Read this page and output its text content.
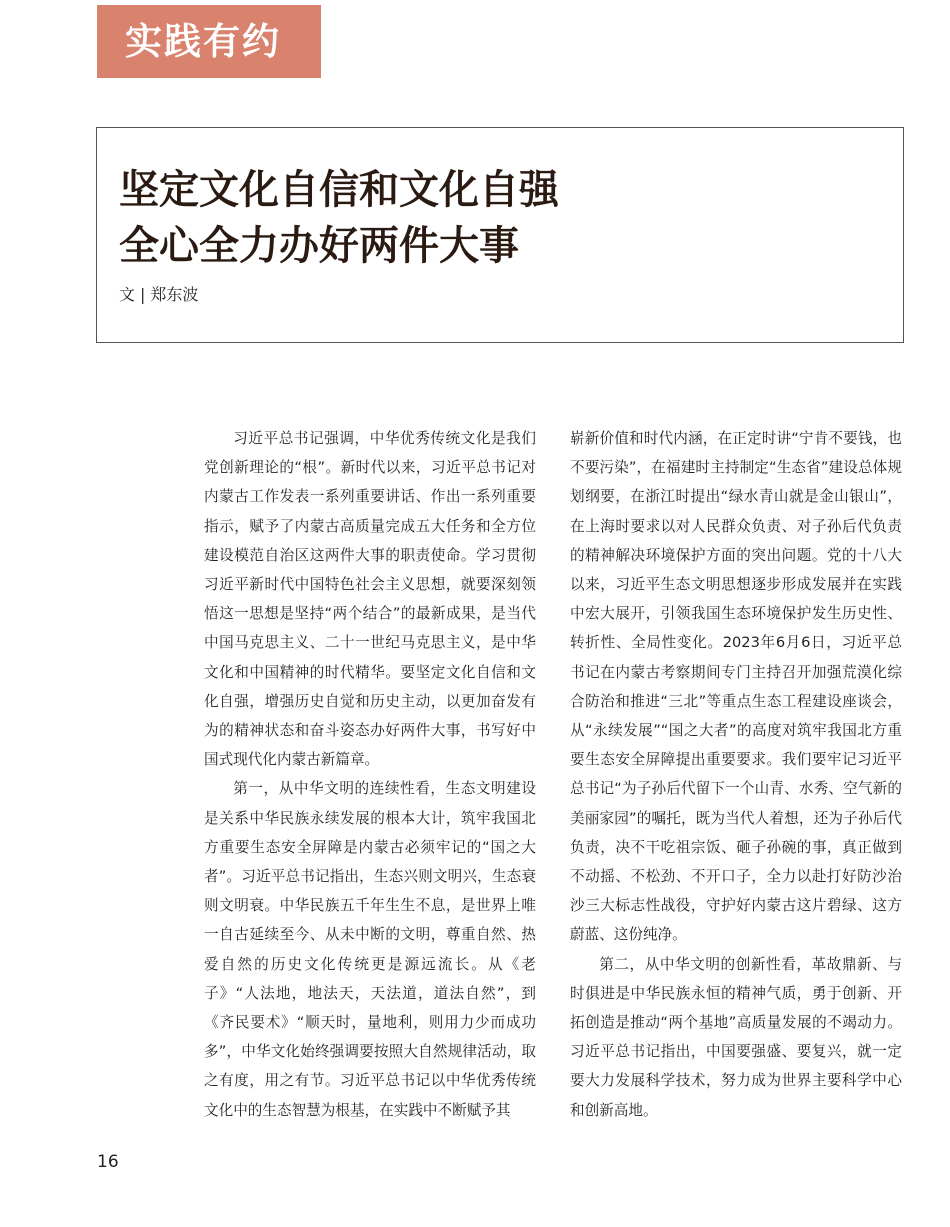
实践有约
坚定文化自信和文化自强
全心全力办好两件大事
文 | 郑东波

习近平总书记强调，中华优秀传统文化是我们党创新理论的“根”。新时代以来，习近平总书记对内蒙古工作发表一系列重要讲话、作出一系列重要指示，赋予了内蒙古高质量完成五大任务和全方位建设模范自治区这两件大事的职责使命。学习贯彻习近平新时代中国特色社会主义思想，就要深刻领悟这一思想是坚持“两个结合”的最新成果，是当代中国马克思主义、二十一世纪马克思主义，是中华文化和中国精神的时代精华。要坚定文化自信和文化自强，增强历史自觉和历史主动，以更加奋发有为的精神状态和奋斗姿态办好两件大事，书写好中国式现代化内蒙古新篇章。

第一，从中华文明的连续性看，生态文明建设是关系中华民族永续发展的根本大计，筑牢我国北方重要生态安全屏障是内蒙古必须牢记的“国之大者”。习近平总书记指出，生态兴则文明兴，生态衰则文明衰。中华民族五千年生生不息，是世界上唯一自古延续至今、从未中断的文明，尊重自然、热爱自然的历史文化传统更是源远流长。从《老子》“人法地，地法天，天法道，道法自然”，到《齐民要术》“顺天时，量地利，则用力少而成功多”，中华文化始终强调要按照大自然规律活动，取之有度，用之有节。习近平总书记以中华优秀传统文化中的生态智慧为根基，在实践中不断赋予其

崭新价值和时代内涵，在正定时讲“宁肯不要钱，也不要污染”，在福建时主持制定“生态省”建设总体规划纲要，在浙江时提出“绿水青山就是金山银山”，在上海时要求以对人民群众负责、对子孙后代负责的精神解决环境保护方面的突出问题。党的十八大以来，习近平生态文明思想逐步形成发展并在实践中宏大展开，引领我国生态环境保护发生历史性、转折性、全局性变化。2023年6月6日，习近平总书记在内蒙古考察期间专门主持召开加强荒漠化综合防治和推进“三北”等重点生态工程建设座谈会，从“永续发展”“国之大者”的高度对筑牢我国北方重要生态安全屏障提出重要要求。我们要牢记习近平总书记“为子孙后代留下一个山青、水秀、空气新的美丽家园”的嘱托，既为当代人着想，还为子孙后代负责，决不干吃祖宗饭、砸子孙碗的事，真正做到不动摇、不松劲、不开口子，全力以赴打好防沙治沙三大标志性战役，守护好内蒙古这片碧绿、这方蔚蓝、这份纯净。

第二，从中华文明的创新性看，革故鼎新、与时俱进是中华民族永恒的精神气质，勇于创新、开拓创造是推动“两个基地”高质量发展的不竭动力。习近平总书记指出，中国要强盛、要复兴，就一定要大力发展科学技术，努力成为世界主要科学中心和创新高地。

16
